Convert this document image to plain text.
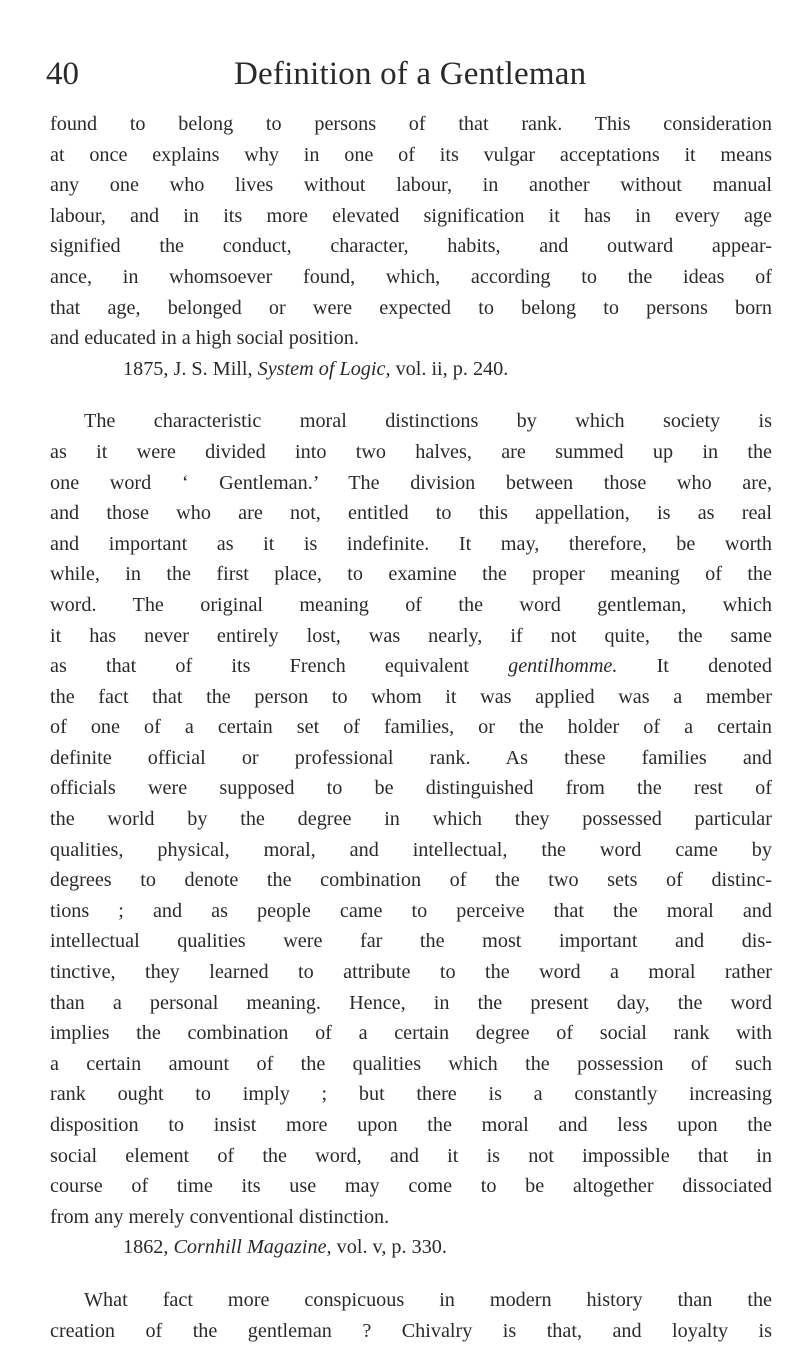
40	Definition of a Gentleman
found to belong to persons of that rank. This consideration
at once explains why in one of its vulgar acceptations it means
any one who lives without labour, in another without manual
labour, and in its more elevated signification it has in every age
signified the conduct, character, habits, and outward appear-
ance, in whomsoever found, which, according to the ideas of
that age, belonged or were expected to belong to persons born
and educated in a high social position.
1875, J. S. Mill, System of Logic, vol. ii, p. 240.
The characteristic moral distinctions by which society is
as it were divided into two halves, are summed up in the
one word ‘ Gentleman.’ The division between those who are,
and those who are not, entitled to this appellation, is as real
and important as it is indefinite. It may, therefore, be worth
while, in the first place, to examine the proper meaning of the
word. The original meaning of the word gentleman, which
it has never entirely lost, was nearly, if not quite, the same
as that of its French equivalent gentilhomme. It denoted
the fact that the person to whom it was applied was a member
of one of a certain set of families, or the holder of a certain
definite official or professional rank. As these families and
officials were supposed to be distinguished from the rest of
the world by the degree in which they possessed particular
qualities, physical, moral, and intellectual, the word came by
degrees to denote the combination of the two sets of distinc-
tions ; and as people came to perceive that the moral and
intellectual qualities were far the most important and dis-
tinctive, they learned to attribute to the word a moral rather
than a personal meaning. Hence, in the present day, the word
implies the combination of a certain degree of social rank with
a certain amount of the qualities which the possession of such
rank ought to imply ; but there is a constantly increasing
disposition to insist more upon the moral and less upon the
social element of the word, and it is not impossible that in
course of time its use may come to be altogether dissociated
from any merely conventional distinction.
1862, Cornhill Magazine, vol. v, p. 330.
What fact more conspicuous in modern history than the
creation of the gentleman ? Chivalry is that, and loyalty is
